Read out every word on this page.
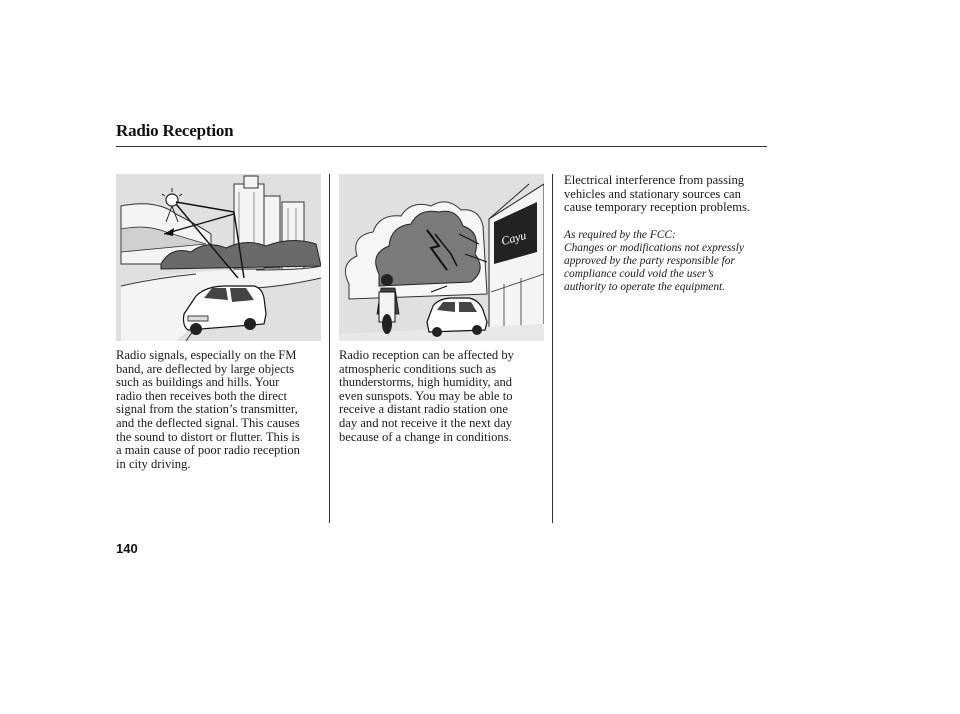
Radio Reception
Cayu

Radio signals, especially on the FM
band, are deflected by large objects
such as buildings and hills. Your
radio then receives both the direct
signal from the station’s transmitter,
and the deflected signal. This causes
the sound to distort or flutter. This is
a main cause of poor radio reception
in city driving.

Radio reception can be affected by
atmospheric conditions such as
thunderstorms, high humidity, and
even sunspots. You may be able to
receive a distant radio station one
day and not receive it the next day
because of a change in conditions.

Electrical interference from passing
vehicles and stationary sources can
cause temporary reception problems.

As required by the FCC:
Changes or modifications not expressly
approved by the party responsible for
compliance could void the user’s
authority to operate the equipment.

140
